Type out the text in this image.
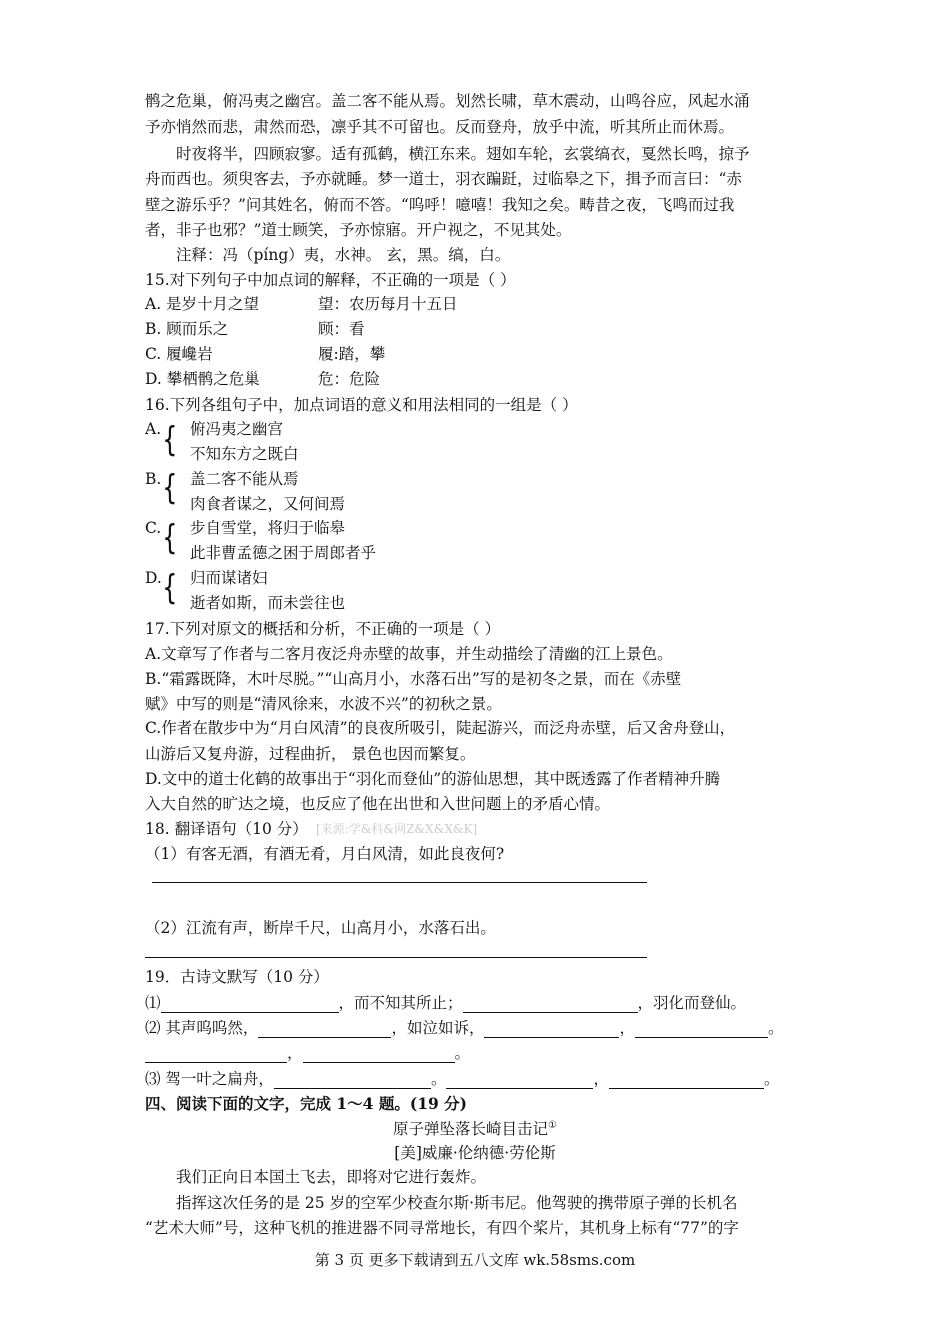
鹘之危巢，俯冯夷之幽宫。盖二客不能从焉。划然长啸，草木震动，山鸣谷应，风起水涌
予亦悄然而悲，肃然而恐，凛乎其不可留也。反而登舟，放乎中流，听其所止而休焉。
时夜将半，四顾寂寥。适有孤鹤，横江东来。翅如车轮，玄裳缟衣，戛然长鸣，掠予
舟而西也。须臾客去，予亦就睡。梦一道士，羽衣蹁跹，过临皋之下，揖予而言曰：“赤
壁之游乐乎？”问其姓名，俯而不答。“呜呼！噫嘻！我知之矣。畴昔之夜，飞鸣而过我
者，非子也邪？”道士顾笑，予亦惊寤。开户视之，不见其处。
注释：冯（píng）夷，水神。 玄，黑。缟，白。
15.对下列句子中加点词的解释，不正确的一项是（ ）
A. 是岁十月之望	望：农历每月十五日
B. 顾而乐之	顾：看
C. 履巉岩	履:踏，攀
D. 攀栖鹘之危巢	危：危险
16.下列各组句子中，加点词语的意义和用法相同的一组是（ ）
A. { 俯冯夷之幽宫
不知东方之既白
B. { 盖二客不能从焉
肉食者谋之，又何间焉
C. { 步自雪堂，将归于临皋
此非曹孟德之困于周郎者乎
D. { 归而谋诸妇
逝者如斯，而未尝往也
17.下列对原文的概括和分析，不正确的一项是（ ）
A.文章写了作者与二客月夜泛舟赤壁的故事，并生动描绘了清幽的江上景色。
B.“霜露既降，木叶尽脱。”“山高月小，水落石出”写的是初冬之景，而在《赤壁
赋》中写的则是“清风徐来，水波不兴”的初秋之景。
C.作者在散步中为“月白风清”的良夜所吸引，陡起游兴，而泛舟赤壁，后又舍舟登山，
山游后又复舟游，过程曲折， 景色也因而繁复。
D.文中的道士化鹤的故事出于“羽化而登仙”的游仙思想，其中既透露了作者精神升腾
入大自然的旷达之境，也反应了他在出世和入世问题上的矛盾心情。
18. 翻译语句（10 分） [来源:学&科&网Z&X&X&K]
（1）有客无酒，有酒无肴，月白风清，如此良夜何?
（2）江流有声，断岸千尺，山高月小，水落石出。
19．古诗文默写（10 分）
⑴	，而不知其所止；	，羽化而登仙。
⑵ 其声呜呜然，	，如泣如诉，	，	。
，	。
⑶ 驾一叶之扁舟，	。	，	。
四、阅读下面的文字，完成 1～4 题。(19 分)
原子弹坠落长崎目击记①
[美]威廉·伦纳德·劳伦斯
我们正向日本国土飞去，即将对它进行轰炸。
指挥这次任务的是 25 岁的空军少校查尔斯·斯韦尼。他驾驶的携带原子弹的长机名
“艺术大师”号，这种飞机的推进器不同寻常地长，有四个桨片，其机身上标有“77”的字
第 3 页 更多下载请到五八文库 wk.58sms.com
